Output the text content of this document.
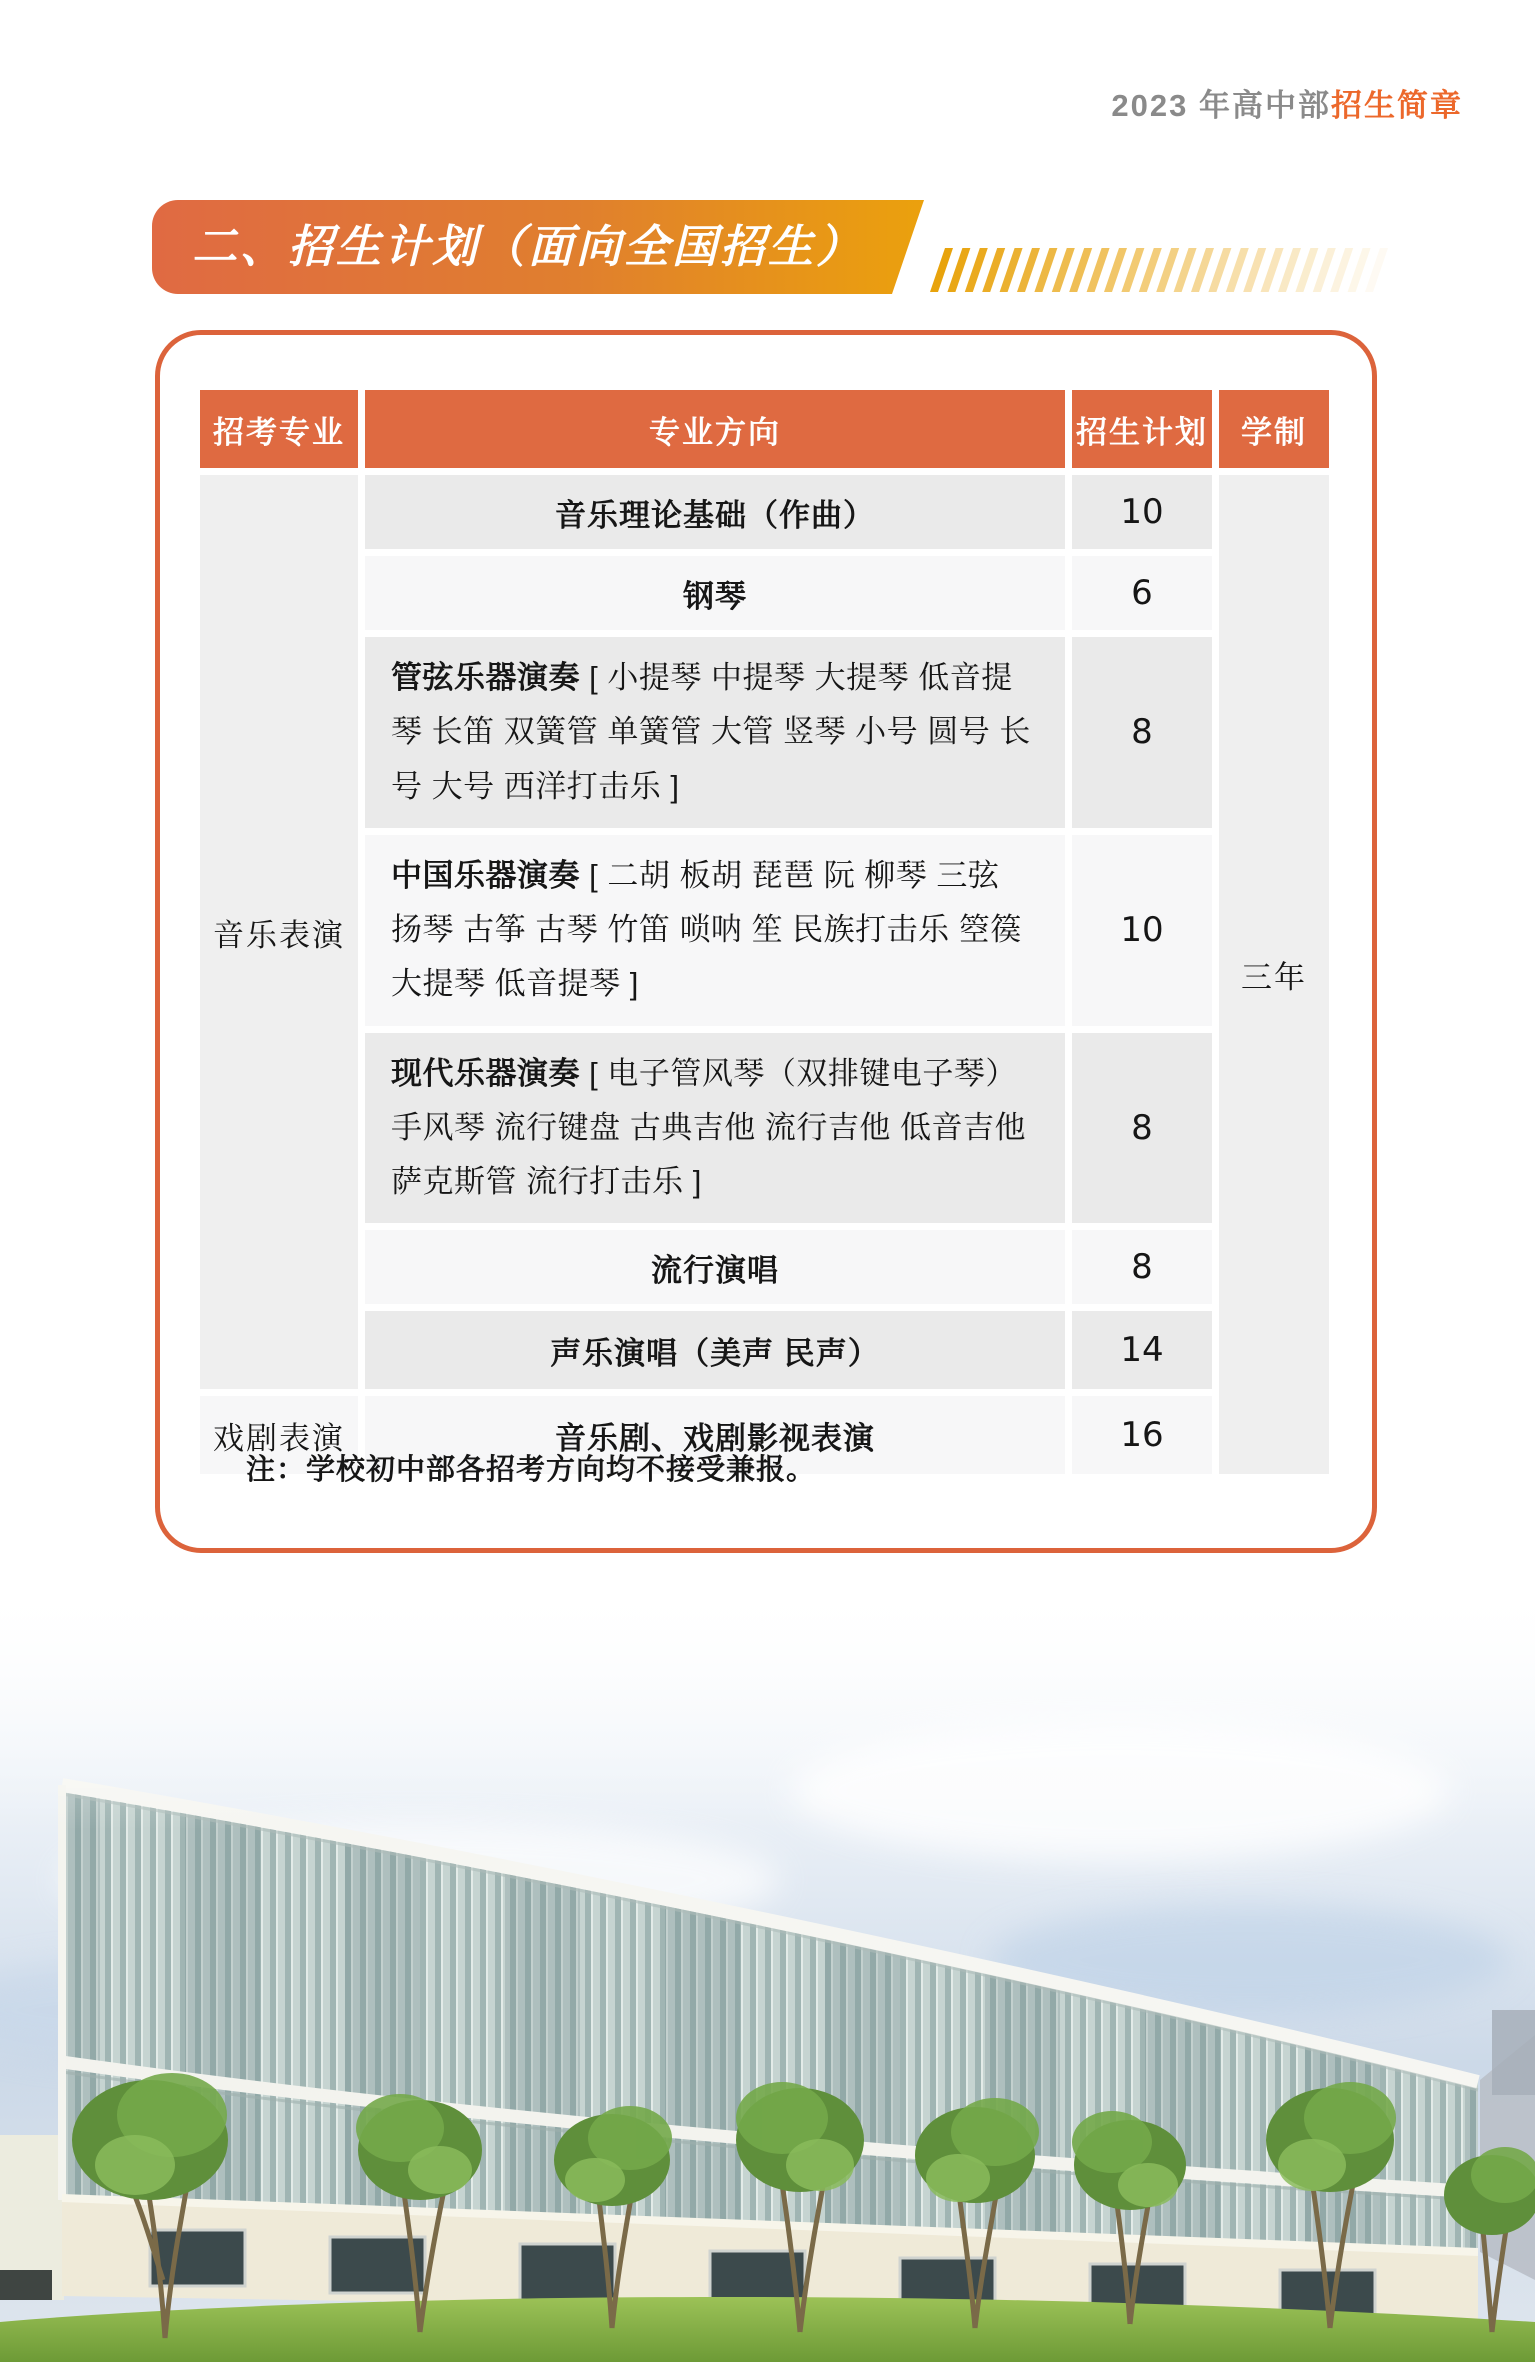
2023 年高中部招生简章
二、招生计划（面向全国招生）
招考专业	专业方向	招生计划	学制
音乐表演	音乐理论基础（作曲）	10	三年
	钢琴	6	
	管弦乐器演奏 [ 小提琴 中提琴 大提琴 低音提琴 长笛 双簧管 单簧管 大管 竖琴 小号 圆号 长号 大号 西洋打击乐 ]	8	
	中国乐器演奏 [ 二胡 板胡 琵琶 阮 柳琴 三弦 扬琴 古筝 古琴 竹笛 唢呐 笙 民族打击乐 箜篌 大提琴 低音提琴 ]	10	
	现代乐器演奏 [ 电子管风琴（双排键电子琴） 手风琴 流行键盘 古典吉他 流行吉他 低音吉他 萨克斯管 流行打击乐 ]	8	
	流行演唱	8	
	声乐演唱（美声 民声）	14	
戏剧表演	音乐剧、戏剧影视表演	16	
注：学校初中部各招考方向均不接受兼报。
